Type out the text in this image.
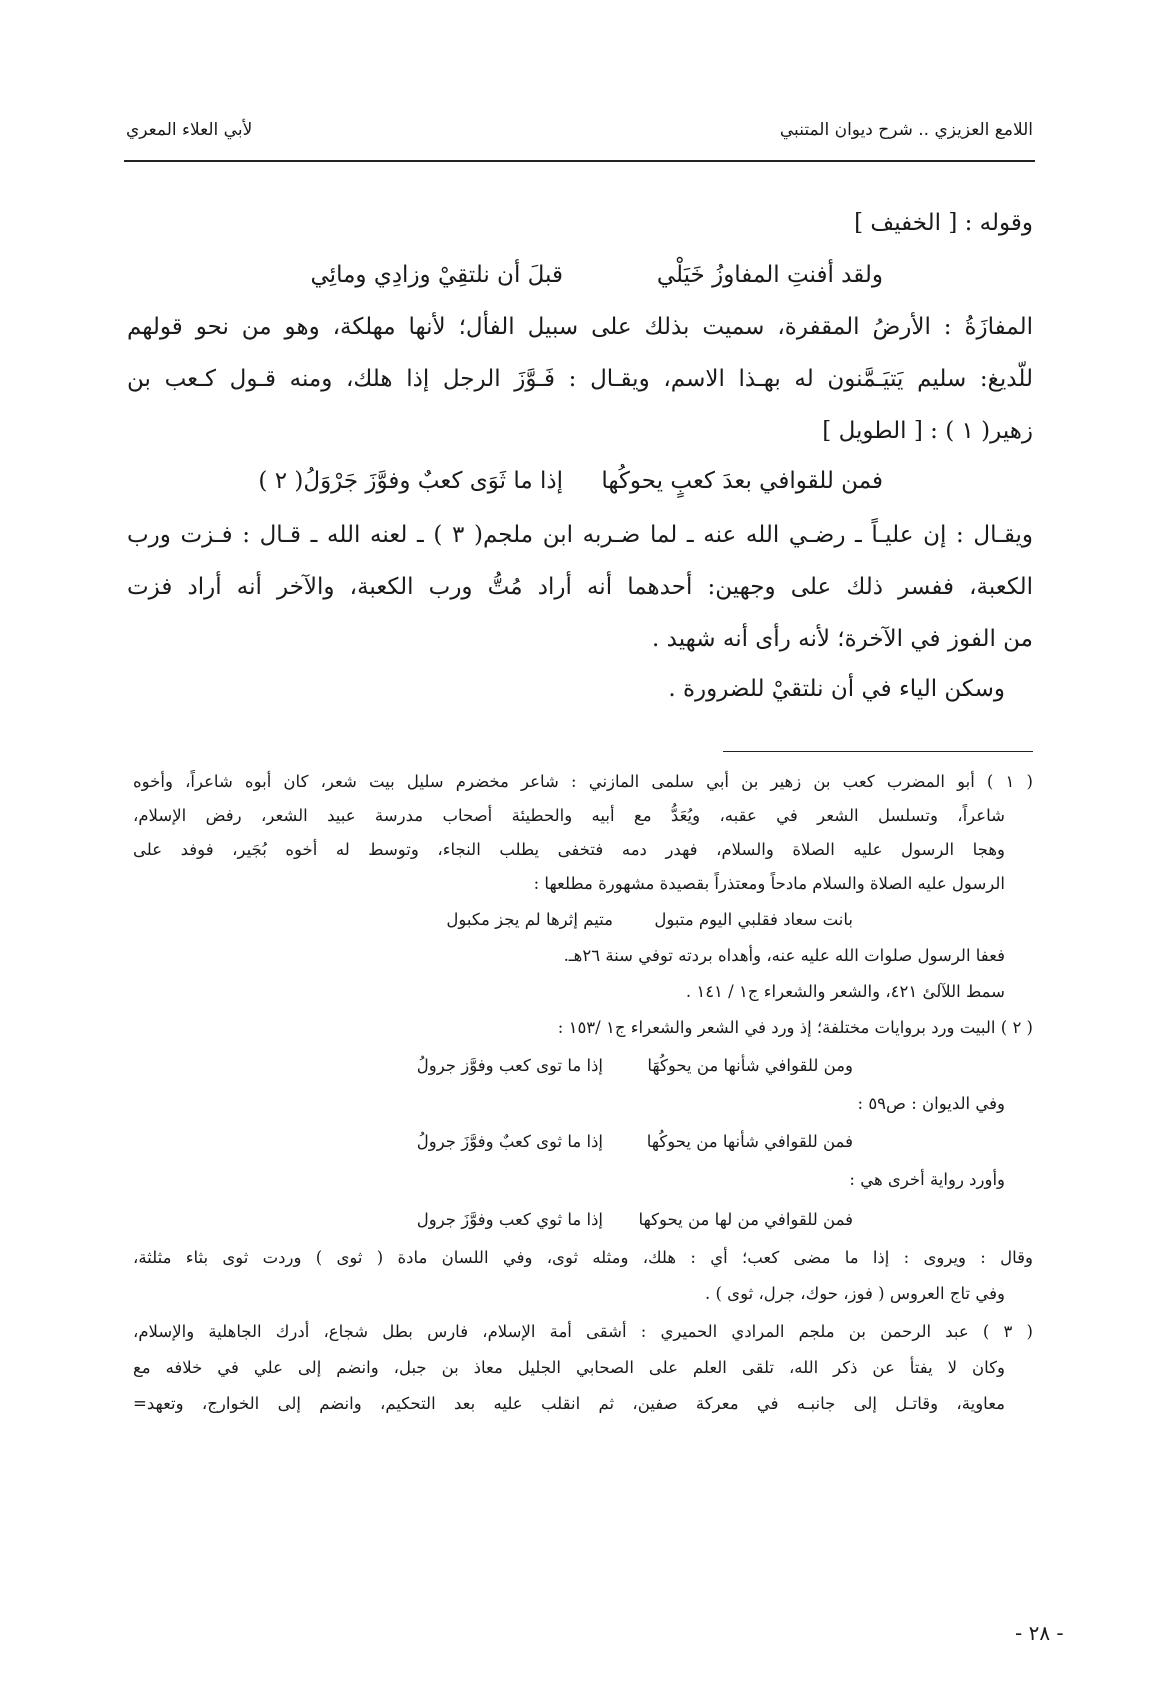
اللامع العزيزي .. شرح ديوان المتنبي
لأبي العلاء المعري
وقوله : [ الخفيف ]
ولقد أفنتِ المفاوزُ خَيَلْي
قبلَ أن نلتقِيْ وزادِي ومائِي
المفازَةُ : الأرضُ المقفرة، سميت بذلك على سبيل الفأل؛ لأنها مهلكة، وهو من نحو قولهم
للّديغ: سليم يَتيَـمَّنون له بهـذا الاسم، ويقـال : فَـوَّزَ الرجل إذا هلك، ومنه قـول كـعب بن
زهير( ١ ) : [ الطويل ]
فمن للقوافي بعدَ كعبٍ يحوكُها
إذا ما ثَوَى كعبٌ وفوَّزَ جَرْوَلُ( ٢ )
ويقـال : إن عليـاً ـ رضـي الله عنه ـ لما ضـربه ابن ملجم( ٣ ) ـ لعنه الله ـ قـال : فـزت ورب
الكعبة، ففسر ذلك على وجهين: أحدهما أنه أراد مُتُّ ورب الكعبة، والآخر أنه أراد فزت
من الفوز في الآخرة؛ لأنه رأى أنه شهيد .
وسكن الياء في أن نلتقيْ للضرورة .
( ١ ) أبو المضرب كعب بن زهير بن أبي سلمى المازني : شاعر مخضرم سليل بيت شعر، كان أبوه شاعراً، وأخوه
شاعراً، وتسلسل الشعر في عقبه، ويُعَدُّ مع أبيه والحطيئة أصحاب مدرسة عبيد الشعر، رفض الإسلام،
وهجا الرسول عليه الصلاة والسلام، فهدر دمه فتخفى يطلب النجاء، وتوسط له أخوه بُجَير، فوفد على
الرسول عليه الصلاة والسلام مادحاً ومعتذراً بقصيدة مشهورة مطلعها :
بانت سعاد فقلبي اليوم متبول
متيم إثرها لم يجز مكبول
فعفا الرسول صلوات الله عليه عنه، وأهداه بردته توفي سنة ٢٦هـ.
سمط اللآلئ ٤٢١، والشعر والشعراء ج١ / ١٤١ .
( ٢ ) البيت ورد بروايات مختلفة؛ إذ ورد في الشعر والشعراء ج١ /١٥٣ :
ومن للقوافي شأنها من يحوكُهَا
إذا ما توى كعب وفوَّز جرولُ
وفي الديوان : ص٥٩ :
فمن للقوافي شأنها من يحوكُها
إذا ما ثوى كعبٌ وفوَّزَ جرولُ
وأورد رواية أخرى هي :
فمن للقوافي من لها من يحوكها
إذا ما ثوي كعب وفوَّزَ جرول
وقال : ويروى : إذا ما مضى كعب؛ أي : هلك، ومثله ثوى، وفي اللسان مادة ( ثوى ) وردت ثوى بثاء مثلثة،
وفي تاج العروس ( فوز، حوك، جرل، ثوى ) .
( ٣ ) عبد الرحمن بن ملجم المرادي الحميري : أشقى أمة الإسلام، فارس بطل شجاع، أدرك الجاهلية والإسلام،
وكان لا يفتأ عن ذكر الله، تلقى العلم على الصحابي الجليل معاذ بن جبل، وانضم إلى علي في خلافه مع
معاوية، وقاتـل إلى جانبـه في معركة صفين، ثم انقلب عليه بعد التحكيم، وانضم إلى الخوارج، وتعهد=
- ٢٨ -
